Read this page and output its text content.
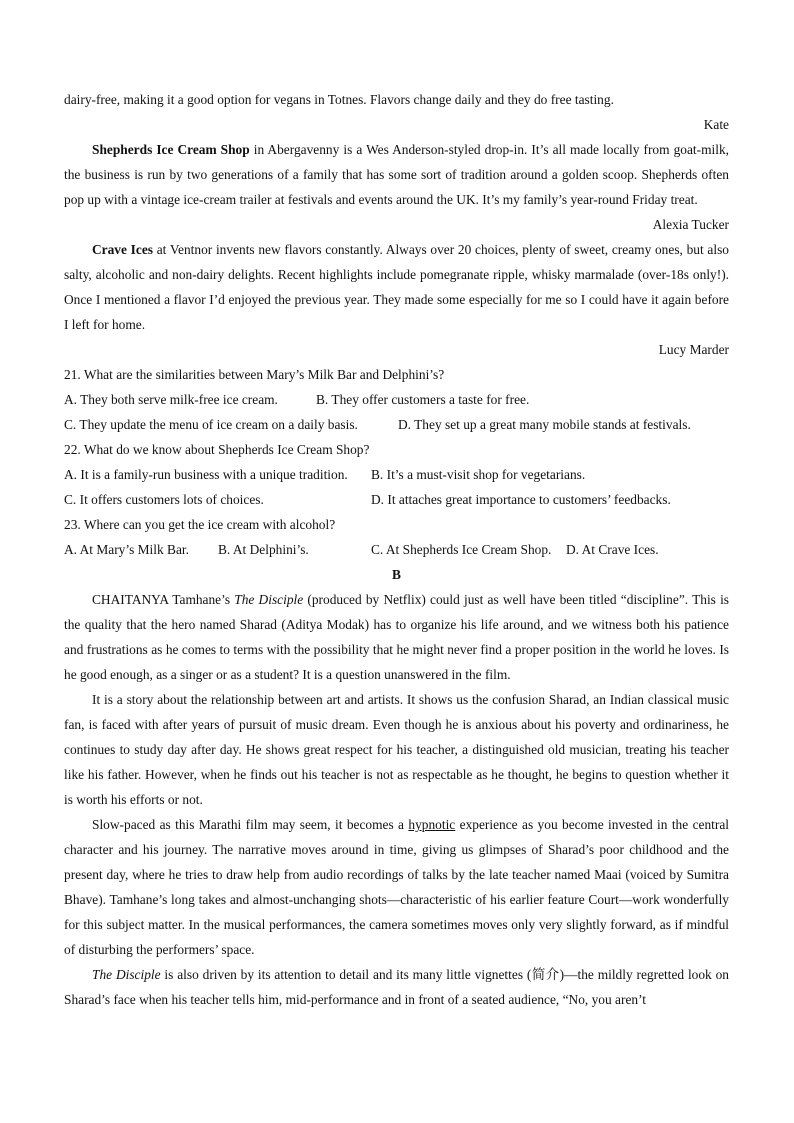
dairy-free, making it a good option for vegans in Totnes. Flavors change daily and they do free tasting.

Kate

Shepherds Ice Cream Shop in Abergavenny is a Wes Anderson-styled drop-in. It’s all made locally from goat-milk, the business is run by two generations of a family that has some sort of tradition around a golden scoop. Shepherds often pop up with a vintage ice-cream trailer at festivals and events around the UK. It’s my family’s year-round Friday treat.

Alexia Tucker

Crave Ices at Ventnor invents new flavors constantly. Always over 20 choices, plenty of sweet, creamy ones, but also salty, alcoholic and non-dairy delights. Recent highlights include pomegranate ripple, whisky marmalade (over-18s only!). Once I mentioned a flavor I’d enjoyed the previous year. They made some especially for me so I could have it again before I left for home.

Lucy Marder

21. What are the similarities between Mary’s Milk Bar and Delphini’s?

A. They both serve milk-free ice cream.	B. They offer customers a taste for free.
C. They update the menu of ice cream on a daily basis.	D. They set up a great many mobile stands at festivals.

22. What do we know about Shepherds Ice Cream Shop?

A. It is a family-run business with a unique tradition.	B. It’s a must-visit shop for vegetarians.
C. It offers customers lots of choices.	D. It attaches great importance to customers’ feedbacks.

23. Where can you get the ice cream with alcohol?

A. At Mary’s Milk Bar.	B. At Delphini’s.	C. At Shepherds Ice Cream Shop.	D. At Crave Ices.

B

CHAITANYA Tamhane’s The Disciple (produced by Netflix) could just as well have been titled “discipline”. This is the quality that the hero named Sharad (Aditya Modak) has to organize his life around, and we witness both his patience and frustrations as he comes to terms with the possibility that he might never find a proper position in the world he loves. Is he good enough, as a singer or as a student? It is a question unanswered in the film.

It is a story about the relationship between art and artists. It shows us the confusion Sharad, an Indian classical music fan, is faced with after years of pursuit of music dream. Even though he is anxious about his poverty and ordinariness, he continues to study day after day. He shows great respect for his teacher, a distinguished old musician, treating his teacher like his father. However, when he finds out his teacher is not as respectable as he thought, he begins to question whether it is worth his efforts or not.

Slow-paced as this Marathi film may seem, it becomes a hypnotic experience as you become invested in the central character and his journey. The narrative moves around in time, giving us glimpses of Sharad’s poor childhood and the present day, where he tries to draw help from audio recordings of talks by the late teacher named Maai (voiced by Sumitra Bhave). Tamhane’s long takes and almost-unchanging shots—characteristic of his earlier feature Court—work wonderfully for this subject matter. In the musical performances, the camera sometimes moves only very slightly forward, as if mindful of disturbing the performers’ space.

The Disciple is also driven by its attention to detail and its many little vignettes (简介)—the mildly regretted look on Sharad’s face when his teacher tells him, mid-performance and in front of a seated audience, “No, you aren’t
